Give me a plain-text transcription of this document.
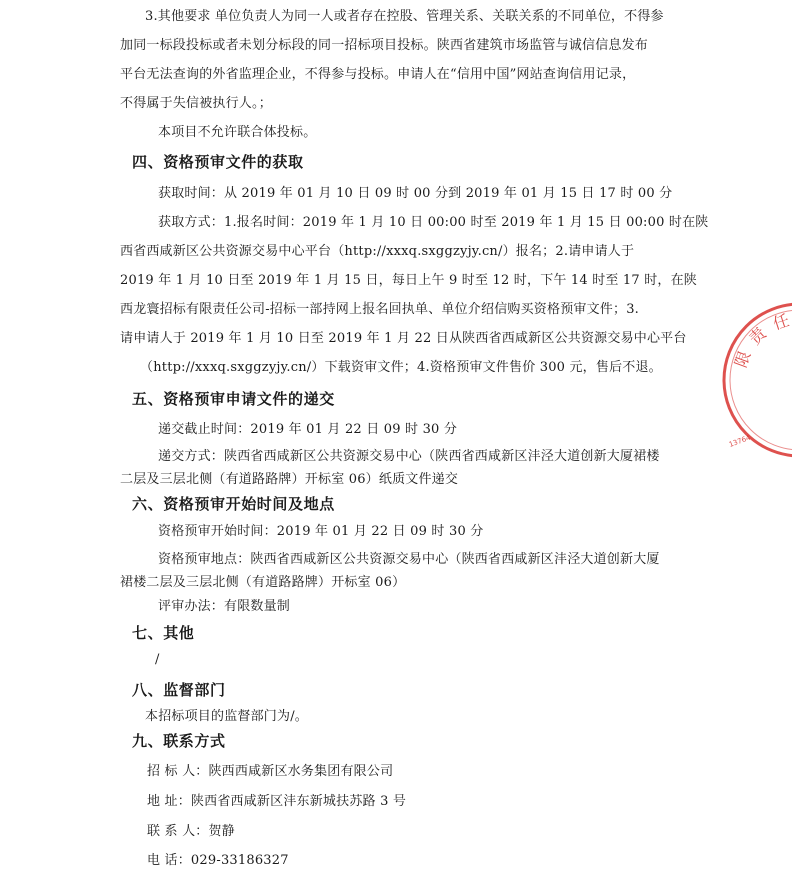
3.其他要求 单位负责人为同一人或者存在控股、管理关系、关联关系的不同单位，不得参
加同一标段投标或者未划分标段的同一招标项目投标。陕西省建筑市场监管与诚信信息发布
平台无法查询的外省监理企业，不得参与投标。申请人在“信用中国”网站查询信用记录，
不得属于失信被执行人。；
本项目不允许联合体投标。
四、资格预审文件的获取
获取时间：从 2019 年 01 月 10 日 09 时 00 分到 2019 年 01 月 15 日 17 时 00 分
获取方式：1.报名时间：2019 年 1 月 10 日 00:00 时至 2019 年 1 月 15 日 00:00 时在陕
西省西咸新区公共资源交易中心平台（http://xxxq.sxggzyjy.cn/）报名；2.请申请人于
2019 年 1 月 10 日至 2019 年 1 月 15 日，每日上午 9 时至 12 时，下午 14 时至 17 时，在陕
西龙寰招标有限责任公司-招标一部持网上报名回执单、单位介绍信购买资格预审文件；3.
请申请人于 2019 年 1 月 10 日至 2019 年 1 月 22 日从陕西省西咸新区公共资源交易中心平台
（http://xxxq.sxggzyjy.cn/）下载资审文件；4.资格预审文件售价 300 元，售后不退。
五、资格预审申请文件的递交
递交截止时间：2019 年 01 月 22 日 09 时 30 分
递交方式：陕西省西咸新区公共资源交易中心（陕西省西咸新区沣泾大道创新大厦裙楼
二层及三层北侧（有道路路牌）开标室 06）纸质文件递交
六、资格预审开始时间及地点
资格预审开始时间：2019 年 01 月 22 日 09 时 30 分
资格预审地点：陕西省西咸新区公共资源交易中心（陕西省西咸新区沣泾大道创新大厦
裙楼二层及三层北侧（有道路路牌）开标室 06）
评审办法：有限数量制
七、其他
/
八、监督部门
本招标项目的监督部门为/。
九、联系方式
招 标 人：陕西西咸新区水务集团有限公司
地 址：陕西省西咸新区沣东新城扶苏路 3 号
联 系 人：贺静
电 话：029-33186327
限
责
任
13764
